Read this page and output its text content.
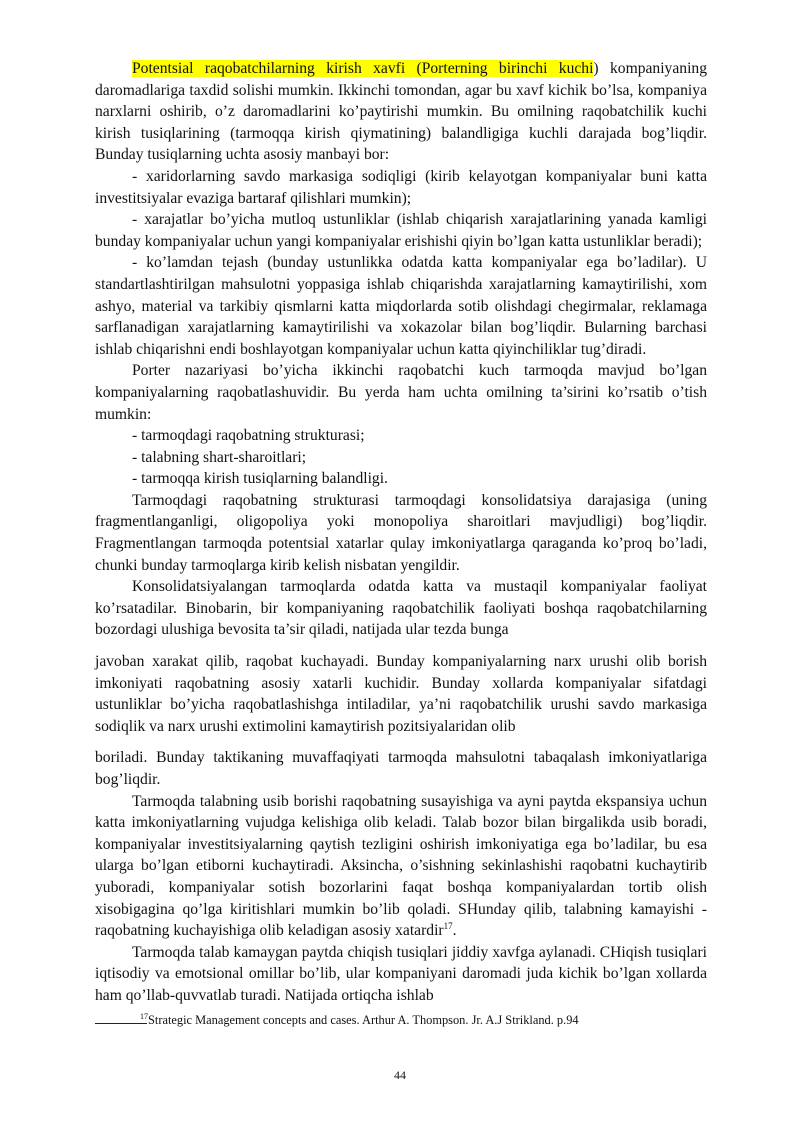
Potentsial raqobatchilarning kirish xavfi (Porterning birinchi kuchi) kompaniyaning daromadlariga taxdid solishi mumkin. Ikkinchi tomondan, agar bu xavf kichik bo’lsa, kompaniya narxlarni oshirib, o’z daromadlarini ko’paytirishi mumkin. Bu omilning raqobatchilik kuchi kirish tusiqlarining (tarmoqqa kirish qiymatining) balandligiga kuchli darajada bog’liqdir. Bunday tusiqlarning uchta asosiy manbayi bor:

- xaridorlarning savdo markasiga sodiqligi (kirib kelayotgan kompaniyalar buni katta investitsiyalar evaziga bartaraf qilishlari mumkin);

- xarajatlar bo’yicha mutloq ustunliklar (ishlab chiqarish xarajatlarining yanada kamligi bunday kompaniyalar uchun yangi kompaniyalar erishishi qiyin bo’lgan katta ustunliklar beradi);

- ko’lamdan tejash (bunday ustunlikka odatda katta kompaniyalar ega bo’ladilar). U standartlashtirilgan mahsulotni yoppasiga ishlab chiqarishda xarajatlarning kamaytirilishi, xom ashyo, material va tarkibiy qismlarni katta miqdorlarda sotib olishdagi chegirmalar, reklamaga sarflanadigan xarajatlarning kamaytirilishi va xokazolar bilan bog’liqdir. Bularning barchasi ishlab chiqarishni endi boshlayotgan kompaniyalar uchun katta qiyinchiliklar tug’diradi.

Porter nazariyasi bo’yicha ikkinchi raqobatchi kuch tarmoqda mavjud bo’lgan kompaniyalarning raqobatlashuvidir. Bu yerda ham uchta omilning ta’sirini ko’rsatib o’tish mumkin:

- tarmoqdagi raqobatning strukturasi;

- talabning shart-sharoitlari;

- tarmoqqa kirish tusiqlarning balandligi.

Tarmoqdagi raqobatning strukturasi tarmoqdagi konsolidatsiya darajasiga (uning fragmentlanganligi, oligopoliya yoki monopoliya sharoitlari mavjudligi) bog’liqdir. Fragmentlangan tarmoqda potentsial xatarlar qulay imkoniyatlarga qaraganda ko’proq bo’ladi, chunki bunday tarmoqlarga kirib kelish nisbatan yengildir.

Konsolidatsiyalangan tarmoqlarda odatda katta va mustaqil kompaniyalar faoliyat ko’rsatadilar. Binobarin, bir kompaniyaning raqobatchilik faoliyati boshqa raqobatchilarning bozordagi ulushiga bevosita ta’sir qiladi, natijada ular tezda bunga

javoban xarakat qilib, raqobat kuchayadi. Bunday kompaniyalarning narx urushi olib borish imkoniyati raqobatning asosiy xatarli kuchidir. Bunday xollarda kompaniyalar sifatdagi ustunliklar bo’yicha raqobatlashishga intiladilar, ya’ni raqobatchilik urushi savdo markasiga sodiqlik va narx urushi extimolini kamaytirish pozitsiyalaridan olib

boriladi. Bunday taktikaning muvaffaqiyati tarmoqda mahsulotni tabaqalash imkoniyatlariga bog’liqdir.

Tarmoqda talabning usib borishi raqobatning susayishiga va ayni paytda ekspansiya uchun katta imkoniyatlarning vujudga kelishiga olib keladi. Talab bozor bilan birgalikda usib boradi, kompaniyalar investitsiyalarning qaytish tezligini oshirish imkoniyatiga ega bo’ladilar, bu esa ularga bo’lgan etiborni kuchaytiradi. Aksincha, o’sishning sekinlashishi raqobatni kuchaytirib yuboradi, kompaniyalar sotish bozorlarini faqat boshqa kompaniyalardan tortib olish xisobigagina qo’lga kiritishlari mumkin bo’lib qoladi. SHunday qilib, talabning kamayishi - raqobatning kuchayishiga olib keladigan asosiy xatardir$^{17}$.

Tarmoqda talab kamaygan paytda chiqish tusiqlari jiddiy xavfga aylanadi. CHiqish tusiqlari iqtisodiy va emotsional omillar bo’lib, ular kompaniyani daromadi juda kichik bo’lgan xollarda ham qo’llab-quvvatlab turadi. Natijada ortiqcha ishlab

$^{17}$Strategic Management concepts and cases. Arthur A. Thompson. Jr. A.J Strikland. p.94
44
